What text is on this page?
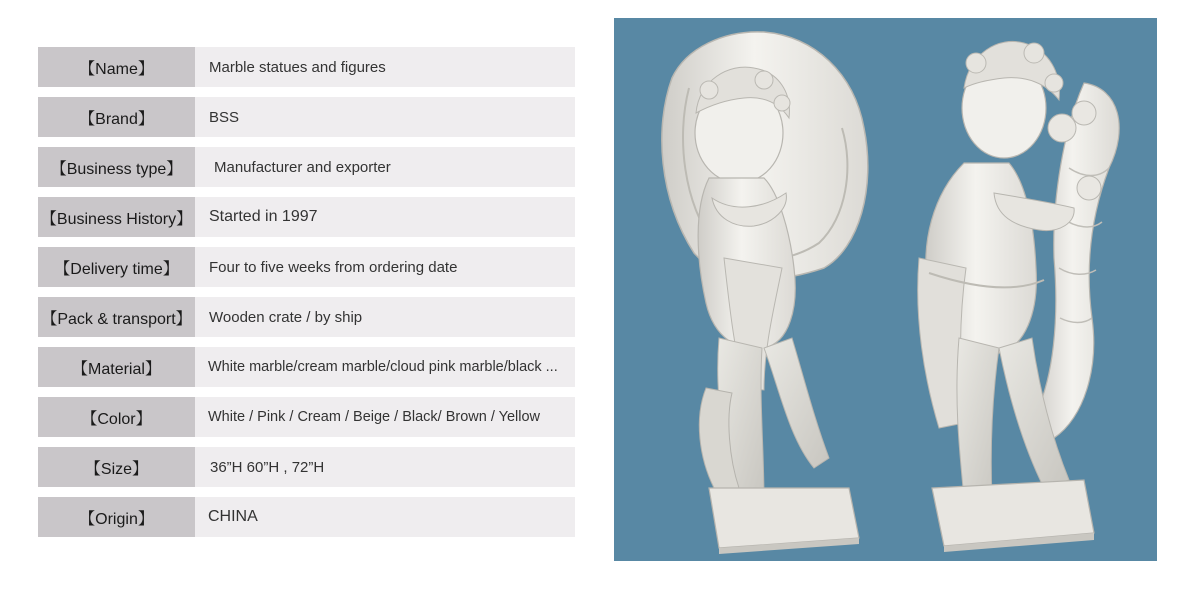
【Name】	Marble statues and figures
【Brand】	BSS
【Business type】	Manufacturer and exporter
【Business History】 Started in 1997
【Delivery time】	Four to five weeks from ordering date
【Pack & transport】 Wooden crate / by ship
【Material】	White marble/cream marble/cloud pink marble/black ...
【Color】	White / Pink / Cream / Beige / Black/ Brown / Yellow
【Size】	36”H 60”H , 72”H
【Origin】	CHINA
